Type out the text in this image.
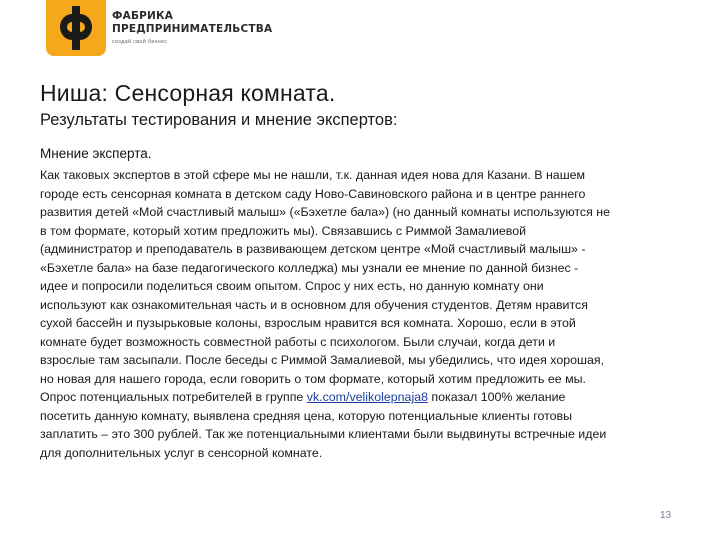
ФАБРИКА
ПРЕДПРИНИМАТЕЛЬСТВА
создай свой бизнес
Ниша: Сенсорная комната.
Результаты тестирования и мнение экспертов:
Мнение эксперта.
Как таковых экспертов в этой сфере мы не нашли, т.к. данная идея нова для Казани. В нашем
городе есть сенсорная комната в детском саду Ново-Савиновского района и в центре раннего
развития детей «Мой счастливый малыш» («Бэхетле бала») (но данный комнаты используются не
в том формате, который хотим предложить мы). Связавшись с Риммой Замалиевой
(администратор и преподаватель в развивающем детском центре «Мой счастливый малыш» -
«Бэхетле бала» на базе педагогического колледжа) мы узнали ее мнение по данной бизнес -
идее и попросили поделиться своим опытом. Спрос у них есть, но данную комнату они
используют как ознакомительная часть и в основном для обучения студентов. Детям нравится
сухой бассейн и пузырьковые колоны, взрослым нравится вся комната. Хорошо, если в этой
комнате будет возможность совместной работы с психологом. Были случаи, когда дети и
взрослые там засыпали. После беседы с Риммой Замалиевой, мы убедились, что идея хорошая,
но новая для нашего города, если говорить о том формате, который хотим предложить ее мы.
Опрос потенциальных потребителей в группе vk.com/velikolepnaja8 показал 100% желание
посетить данную комнату, выявлена средняя цена, которую потенциальные клиенты готовы
заплатить – это 300 рублей. Так же потенциальными клиентами были выдвинуты встречные идеи
для дополнительных услуг в сенсорной комнате.
13
